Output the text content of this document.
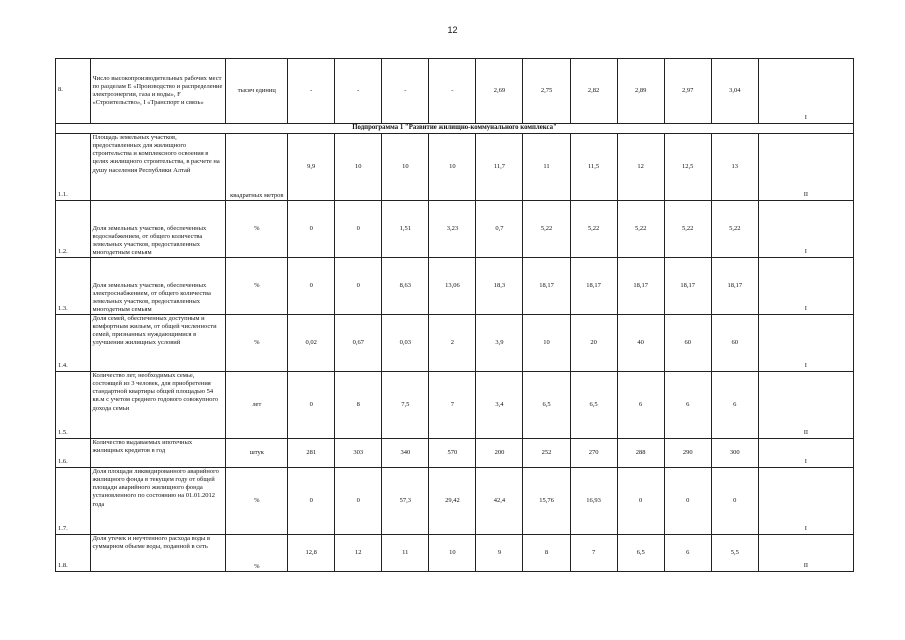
12
8.	Число высокопроизводительных рабочих мест по разделам E «Производство и распределение электроэнергии, газа и воды», F «Строительство», I «Транспорт и связь»	тысяч единиц	-	-	-	-	2,69	2,75	2,82	2,89	2,97	3,04	I
Подпрограмма 1 "Развитие жилищно-коммунального комплекса"													
1.1.	Площадь земельных участков, предоставленных для жилищного строительства и комплексного освоения в целях жилищного строительства, в расчете на душу населения Республики Алтай	квадратных метров	9,9	10	10	10	11,7	11	11,5	12	12,5	13	II
1.2.	Доля земельных участков, обеспеченных водоснабжением, от общего количества земельных участков, предоставленных многодетным семьям	%	0	0	1,51	3,23	0,7	5,22	5,22	5,22	5,22	5,22	I
1.3.	Доля земельных участков, обеспеченных электроснабжением, от общего количества земельных участков, предоставленных многодетным семьям	%	0	0	8,63	13,06	18,3	18,17	18,17	18,17	18,17	18,17	I
1.4.	Доля семей, обеспеченных доступным и комфортным жильем, от общей численности семей, признанных нуждающимися в улучшении жилищных условий	%	0,02	0,67	0,03	2	3,9	10	20	40	60	60	I
1.5.	Количество лет, необходимых семье, состоящей из 3 человек, для приобретения стандартной квартиры общей площадью 54 кв.м с учетом среднего годового совокупного дохода семьи	лет	0	8	7,5	7	3,4	6,5	6,5	6	6	6	II
1.6.	Количество выдаваемых ипотечных жилищных кредитов в год	штук	281	303	340	570	200	252	270	288	290	300	I
1.7.	Доля площади ликвидированного аварийного жилищного фонда в текущем году от общей площади аварийного жилищного фонда установленного по состоянию на 01.01.2012 года	%	0	0	57,3	29,42	42,4	15,76	16,93	0	0	0	I
1.8.	Доля утечек и неучтенного расхода воды в суммарном объеме воды, поданной в сеть	%	12,8	12	11	10	9	8	7	6,5	6	5,5	II
